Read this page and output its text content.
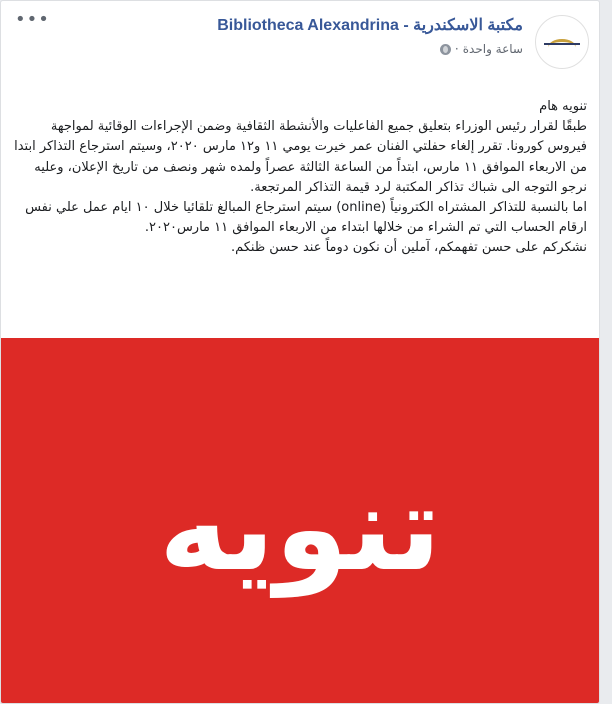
مكتبة الاسكندرية - Bibliotheca Alexandrina
ساعة واحدة
·
•••

تنويه هام

طبقًا لقرار رئيس الوزراء بتعليق جميع الفاعليات والأنشطة الثقافية وضمن الإجراءات الوقائية لمواجهة فيروس كورونا. تقرر إلغاء حفلتي الفنان عمر خيرت يومي ١١ و١٢ مارس ٢٠٢٠، وسيتم استرجاع التذاكر ابتدا من الاربعاء الموافق ١١ مارس، ابتداً من الساعة الثالثة عصراً ولمده شهر ونصف من تاريخ الإعلان، وعليه نرجو التوجه الى شباك تذاكر المكتبة لرد قيمة التذاكر المرتجعة.

اما بالنسبة للتذاكر المشتراه الكترونياً (online) سيتم استرجاع المبالغ تلقائيا خلال ١٠ ايام عمل علي نفس ارقام الحساب التي تم الشراء من خلالها ابتداء من الاربعاء الموافق ١١ مارس٢٠٢٠.

نشكركم على حسن تفهمكم، آملين أن نكون دوماً عند حسن ظنكم.

تنويه
